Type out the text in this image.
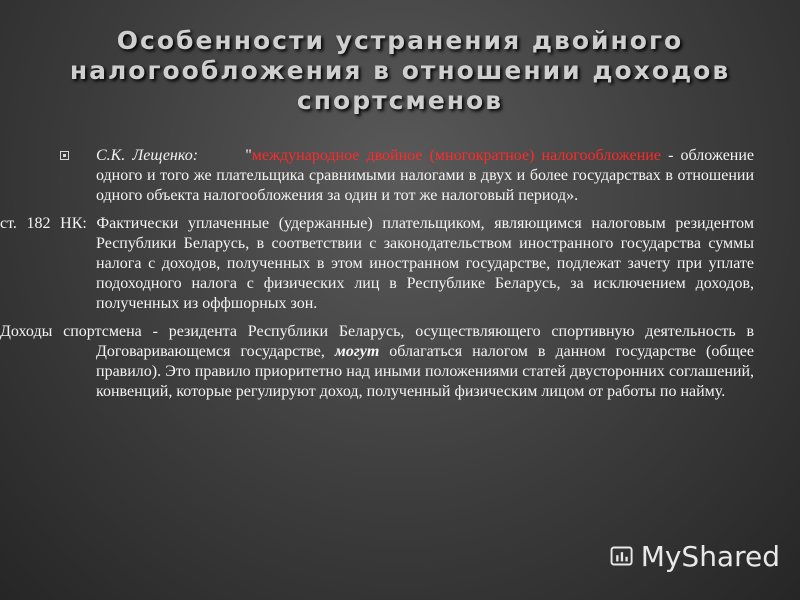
Особенности устранения двойного
налогообложения в отношении доходов
спортсменов
С.К. Лещенко:	"международное двойное (многократное) налогообложение - обложение одного и того же плательщика сравнимыми налогами в двух и более государствах в отношении одного объекта налогообложения за один и тот же налоговый период».
ст. 182 НК: Фактически уплаченные (удержанные) плательщиком, являющимся налоговым резидентом Республики Беларусь, в соответствии с законодательством иностранного государства суммы налога с доходов, полученных в этом иностранном государстве, подлежат зачету при уплате подоходного налога с физических лиц в Республике Беларусь, за исключением доходов, полученных из оффшорных зон.
Доходы спортсмена - резидента Республики Беларусь, осуществляющего спортивную деятельность в Договаривающемся государстве, могут облагаться налогом в данном государстве (общее правило). Это правило приоритетно над иными положениями статей двусторонних соглашений, конвенций, которые регулируют доход, полученный физическим лицом от работы по найму.
MyShared
